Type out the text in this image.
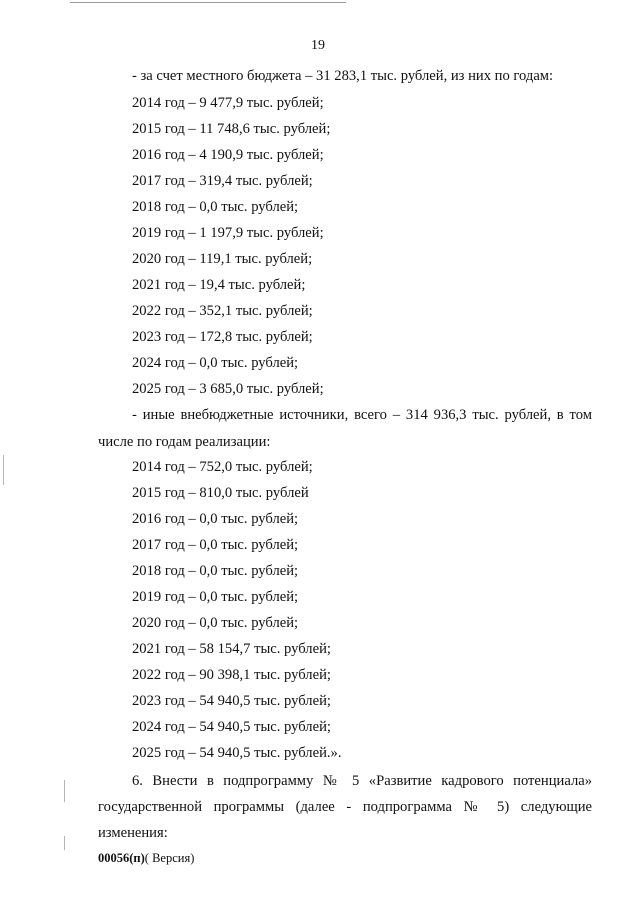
19
- за счет местного бюджета – 31 283,1 тыс. рублей, из них по годам:
2014 год – 9 477,9 тыс. рублей;
2015 год – 11 748,6 тыс. рублей;
2016 год – 4 190,9 тыс. рублей;
2017 год – 319,4 тыс. рублей;
2018 год – 0,0 тыс. рублей;
2019 год – 1 197,9 тыс. рублей;
2020 год – 119,1 тыс. рублей;
2021 год – 19,4 тыс. рублей;
2022 год – 352,1 тыс. рублей;
2023 год – 172,8 тыс. рублей;
2024 год – 0,0 тыс. рублей;
2025 год – 3 685,0 тыс. рублей;
- иные внебюджетные источники, всего – 314 936,3 тыс. рублей, в том
числе по годам реализации:
2014 год – 752,0 тыс. рублей;
2015 год – 810,0 тыс. рублей
2016 год – 0,0 тыс. рублей;
2017 год – 0,0 тыс. рублей;
2018 год – 0,0 тыс. рублей;
2019 год – 0,0 тыс. рублей;
2020 год – 0,0 тыс. рублей;
2021 год – 58 154,7 тыс. рублей;
2022 год – 90 398,1 тыс. рублей;
2023 год – 54 940,5 тыс. рублей;
2024 год – 54 940,5 тыс. рублей;
2025 год – 54 940,5 тыс. рублей.».
6. Внести в подпрограмму № 5 «Развитие кадрового потенциала»
государственной программы (далее - подпрограмма № 5) следующие
изменения:
00056(п)( Версия)
